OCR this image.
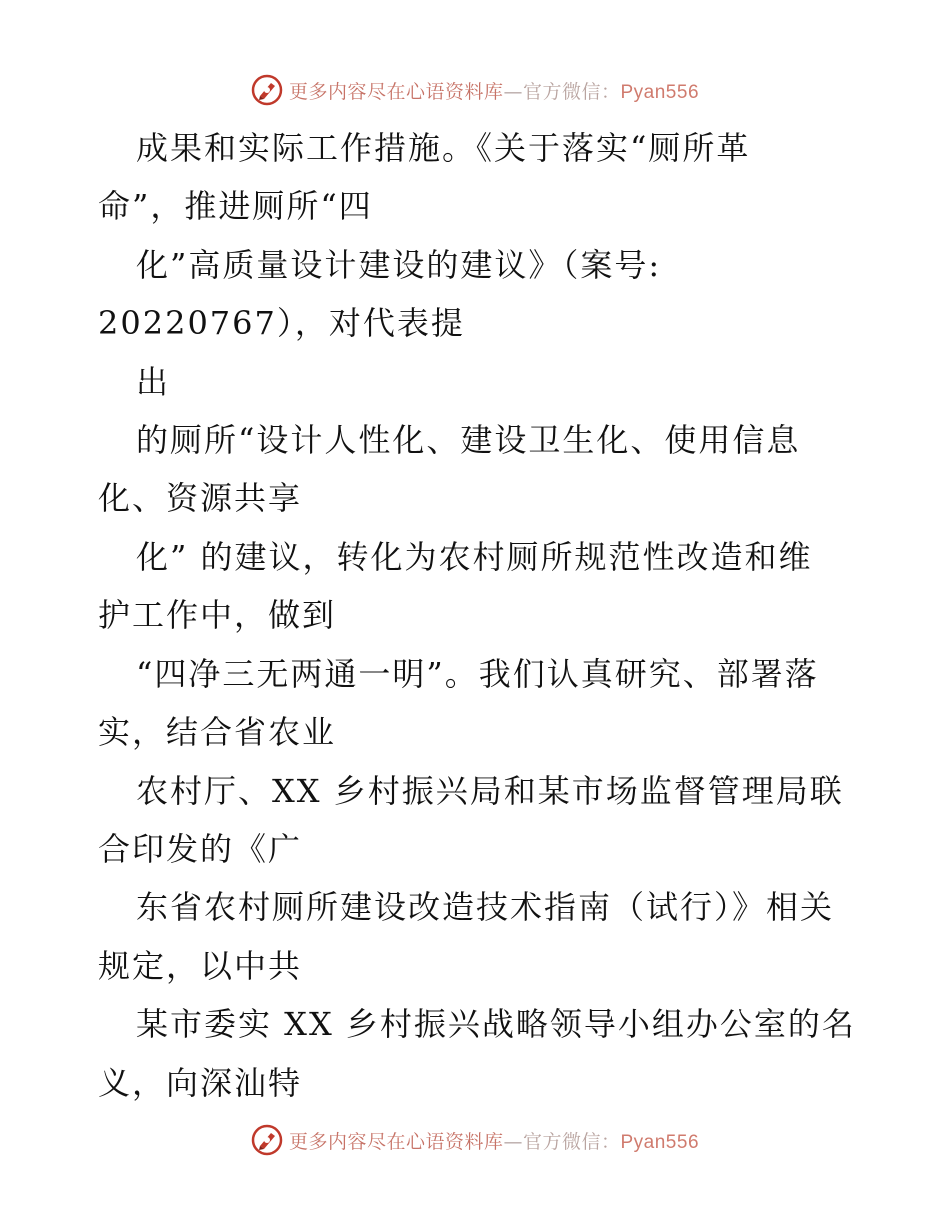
更多内容尽在心语资料库—官方微信：Pyan556
成果和实际工作措施。《关于落实“厕所革
命”，推进厕所“四
化”高质量设计建设的建议》（案号:
20220767），对代表提
出
的厕所“设计人性化、建设卫生化、使用信息
化、资源共享
化” 的建议，转化为农村厕所规范性改造和维
护工作中，做到
“四净三无两通一明”。我们认真研究、部署落
实，结合省农业
农村厅、XX 乡村振兴局和某市场监督管理局联
合印发的《广
东省农村厕所建设改造技术指南（试行）》相关
规定，以中共
某市委实 XX 乡村振兴战略领导小组办公室的名
义，向深汕特
更多内容尽在心语资料库—官方微信：Pyan556
